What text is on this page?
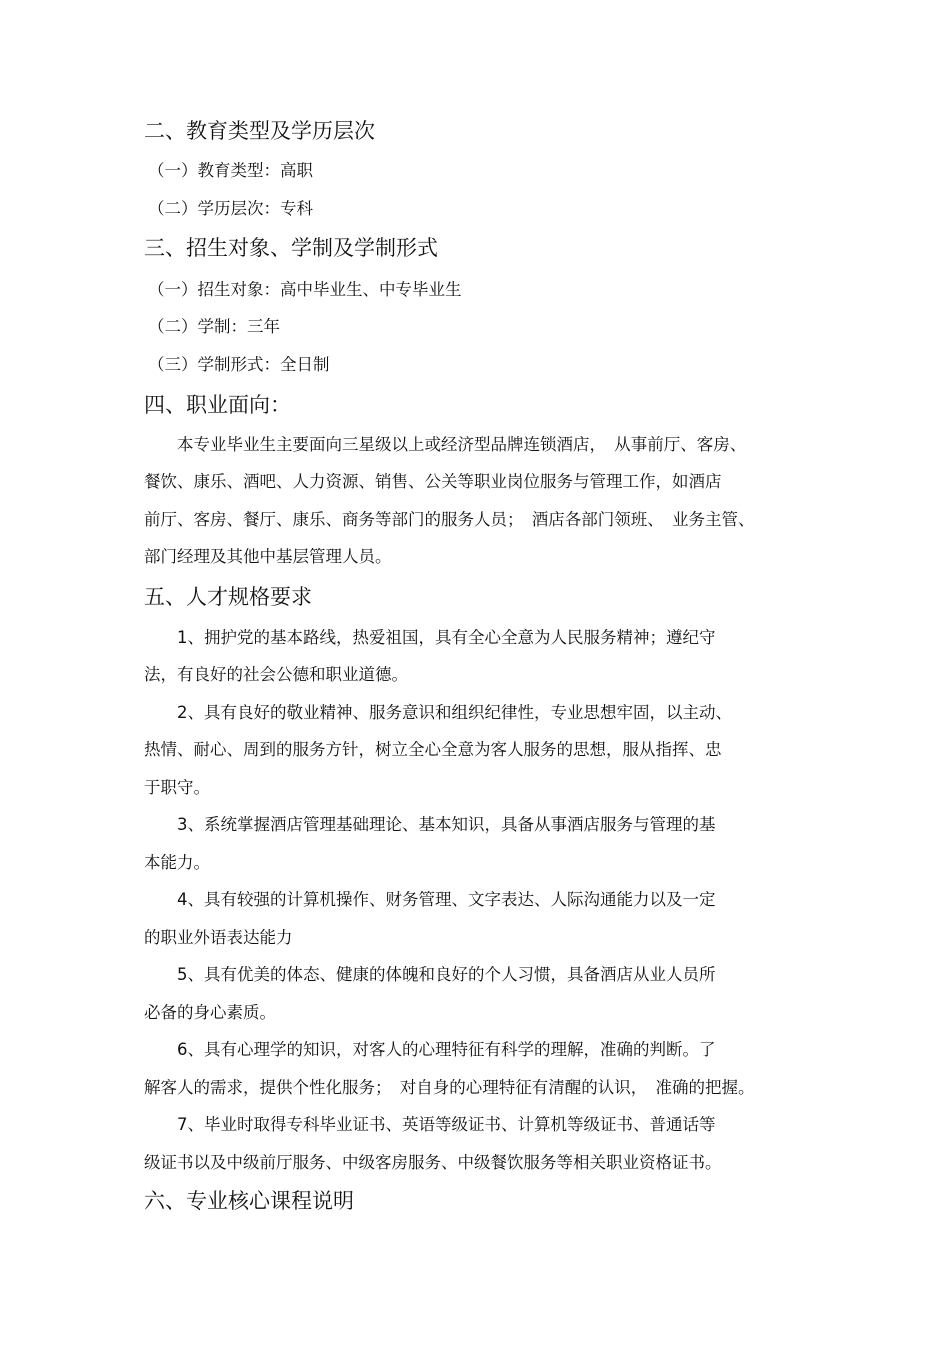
二、教育类型及学历层次
（一）教育类型：高职
（二）学历层次：专科
三、招生对象、学制及学制形式
（一）招生对象：高中毕业生、中专毕业生
（二）学制：三年
（三）学制形式：全日制
四、职业面向：
本专业毕业生主要面向三星级以上或经济型品牌连锁酒店，　从事前厅、客房、
餐饮、康乐、酒吧、人力资源、销售、公关等职业岗位服务与管理工作，如酒店
前厅、客房、餐厅、康乐、商务等部门的服务人员；　酒店各部门领班、　业务主管、
部门经理及其他中基层管理人员。
五、人才规格要求
1、拥护党的基本路线，热爱祖国，具有全心全意为人民服务精神；遵纪守
法，有良好的社会公德和职业道德。
2、具有良好的敬业精神、服务意识和组织纪律性，专业思想牢固，以主动、
热情、耐心、周到的服务方针，树立全心全意为客人服务的思想，服从指挥、忠
于职守。
3、系统掌握酒店管理基础理论、基本知识，具备从事酒店服务与管理的基
本能力。
4、具有较强的计算机操作、财务管理、文字表达、人际沟通能力以及一定
的职业外语表达能力
5、具有优美的体态、健康的体魄和良好的个人习惯，具备酒店从业人员所
必备的身心素质。
6、具有心理学的知识，对客人的心理特征有科学的理解，准确的判断。了
解客人的需求，提供个性化服务；　对自身的心理特征有清醒的认识，　准确的把握。
7、毕业时取得专科毕业证书、英语等级证书、计算机等级证书、普通话等
级证书以及中级前厅服务、中级客房服务、中级餐饮服务等相关职业资格证书。
六、专业核心课程说明
